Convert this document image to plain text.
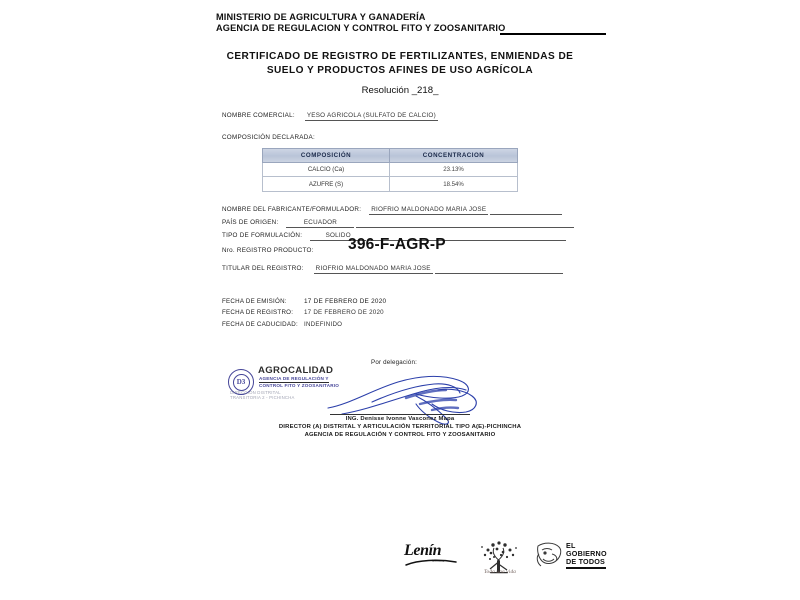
MINISTERIO DE AGRICULTURA Y GANADERÍA
AGENCIA DE REGULACION Y CONTROL FITO Y ZOOSANITARIO
CERTIFICADO DE REGISTRO DE FERTILIZANTES, ENMIENDAS DE
SUELO Y PRODUCTOS AFINES DE USO AGRÍCOLA
Resolución _218_
NOMBRE COMERCIAL: YESO AGRICOLA (SULFATO DE CALCIO)
COMPOSICIÓN DECLARADA:
COMPOSICIÓN	CONCENTRACION
CALCIO (Ca)	23.13%
AZUFRE (S)	18.54%
NOMBRE DEL FABRICANTE/FORMULADOR: RIOFRIO MALDONADO MARIA JOSE
PAÍS DE ORIGEN:	ECUADOR
TIPO DE FORMULACIÓN:	SOLIDO
Nro. REGISTRO PRODUCTO: 396-F-AGR-P
TITULAR DEL REGISTRO: RIOFRIO MALDONADO MARIA JOSE
FECHA DE EMISIÓN:	17 DE FEBRERO DE 2020
FECHA DE REGISTRO: 17 DE FEBRERO DE 2020
FECHA DE CADUCIDAD: INDEFINIDO
D3
AGROCALIDAD
AGENCIA DE REGULACIÓN Y
CONTROL FITO Y ZOOSANITARIO
DIRECCIÓN DISTRITAL
TRANSITORIA 2 - PICHINCHA
Por delegación:
ING. Denisse Ivonne Vasconez Mapa
DIRECTOR (A) DISTRITAL Y ARTICULACIÓN TERRITORIAL TIPO A(E)-PICHINCHA
AGENCIA DE REGULACIÓN Y CONTROL FITO Y ZOOSANITARIO
Lenín
Moreno
Toda una vida
EL
GOBIERNO
DE TODOS
